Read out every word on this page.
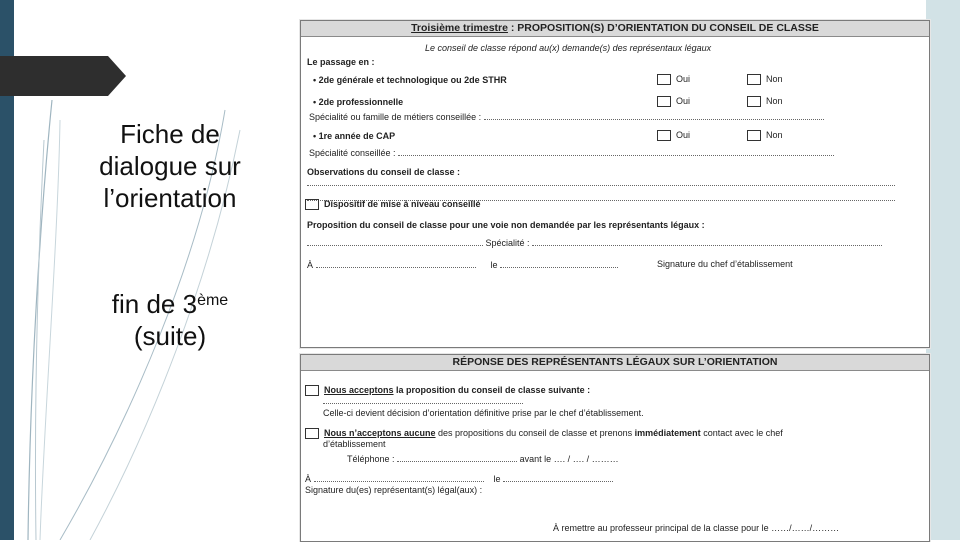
Fiche de dialogue sur l’orientation
fin de 3ème
(suite)
Troisième trimestre : PROPOSITION(S) D’ORIENTATION DU CONSEIL DE CLASSE
Le conseil de classe répond au(x) demande(s) des représentaux légaux
Le passage en :
• 2de générale et technologique ou 2de STHR	Oui	Non
• 2de professionnelle	Oui	Non
Spécialité ou famille de métiers conseillée :
• 1re année de CAP	Oui	Non
Spécialité conseillée :
Observations du conseil de classe :

Dispositif de mise à niveau conseillé
Proposition du conseil de classe pour une voie non demandée par les représentants légaux :
Spécialité :
À	le	Signature du chef d’établissement
RÉPONSE DES REPRÉSENTANTS LÉGAUX SUR L’ORIENTATION
Nous acceptons la proposition du conseil de classe suivante :
Celle-ci devient décision d’orientation définitive prise par le chef d’établissement.
Nous n’acceptons aucune des propositions du conseil de classe et prenons immédiatement contact avec le chef
d’établissement
Téléphone :	avant le …. / …. / ………
À	le
Signature du(es) représentant(s) légal(aux) :
À remettre au professeur principal de la classe pour le ……/……/………
